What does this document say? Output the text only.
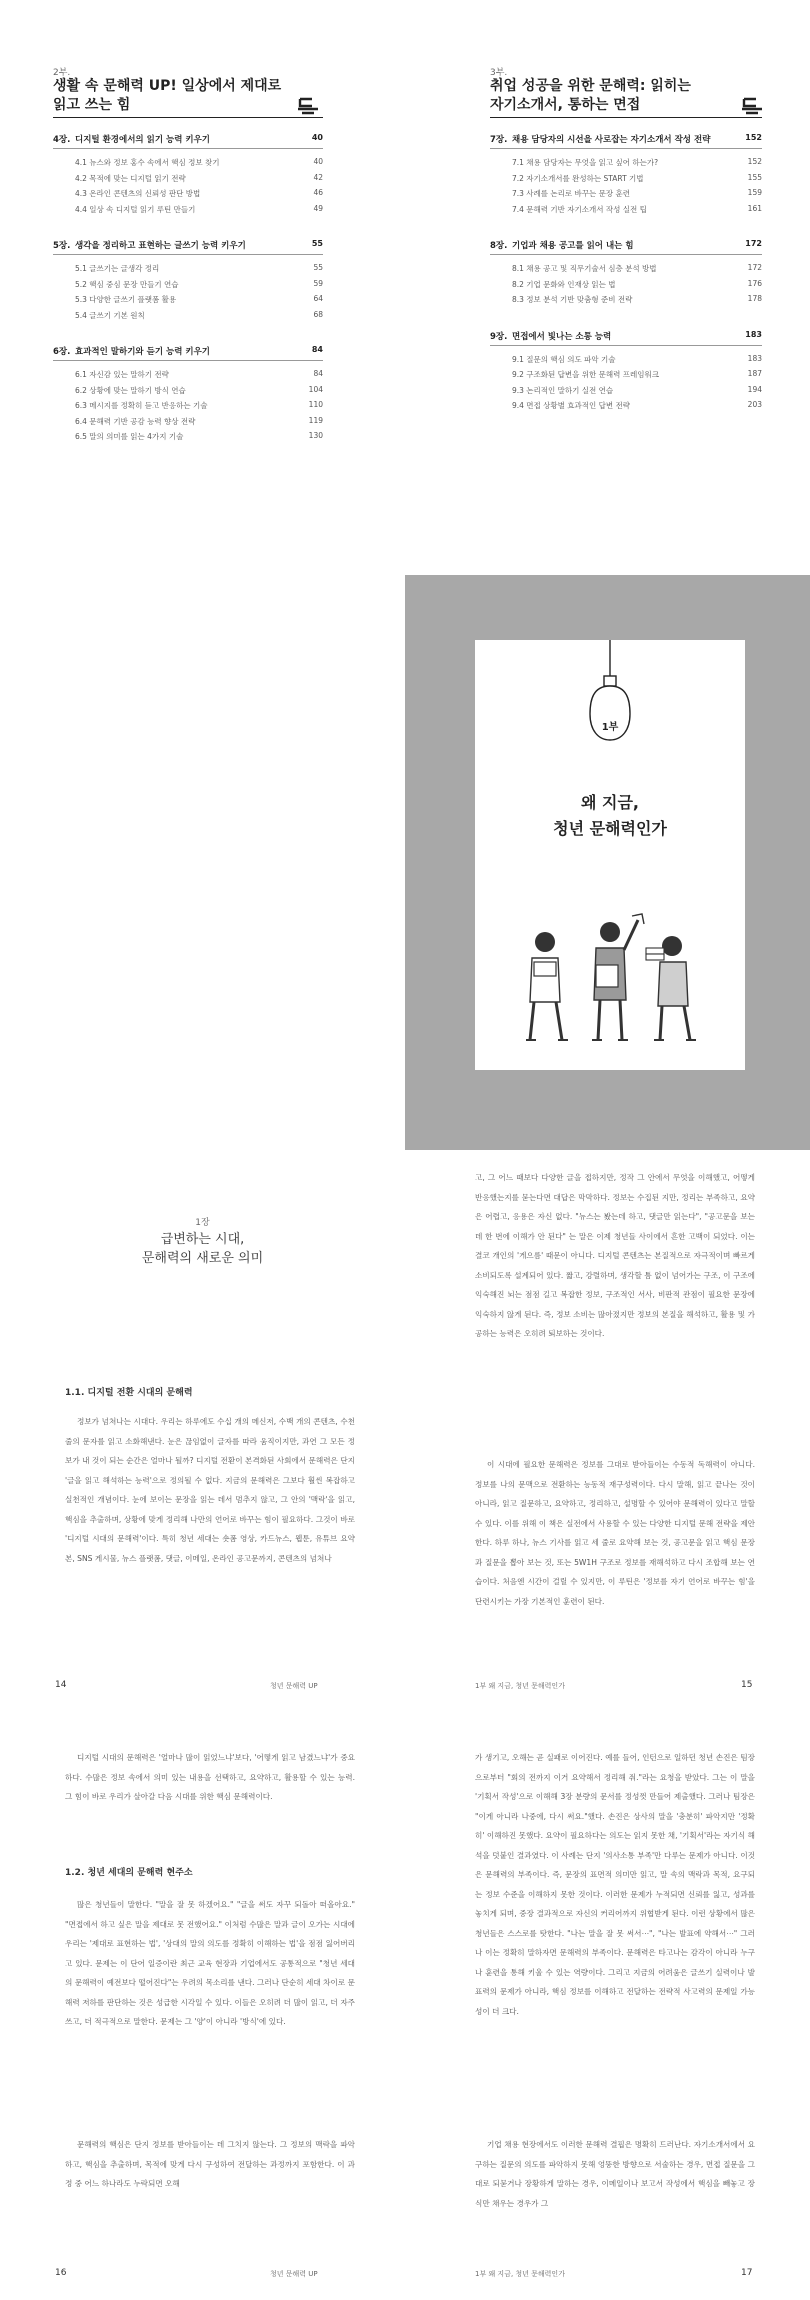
2부.
생활 속 문해력 UP! 일상에서 제대로
읽고 쓰는 힘
4장. 디지털 환경에서의 읽기 능력 키우기	40
4.1 뉴스와 정보 홍수 속에서 핵심 정보 찾기	40
4.2 목적에 맞는 디지털 읽기 전략	42
4.3 온라인 콘텐츠의 신뢰성 판단 방법	46
4.4 일상 속 디지털 읽기 루틴 만들기	49
5장. 생각을 정리하고 표현하는 글쓰기 능력 키우기	55
5.1 글쓰기는 글생각 정리	55
5.2 핵심 중심 문장 만들기 연습	59
5.3 다양한 글쓰기 플랫폼 활용	64
5.4 글쓰기 기본 원칙	68
6장. 효과적인 말하기와 듣기 능력 키우기	84
6.1 자신감 있는 말하기 전략	84
6.2 상황에 맞는 말하기 방식 연습	104
6.3 메시지를 정확히 듣고 반응하는 기술	110
6.4 문해력 기반 공감 능력 향상 전략	119
6.5 말의 의미를 읽는 4가지 기술	130
3부.
취업 성공을 위한 문해력: 읽히는
자기소개서, 통하는 면접
7장. 채용 담당자의 시선을 사로잡는 자기소개서 작성 전략	152
7.1 채용 담당자는 무엇을 읽고 싶어 하는가?	152
7.2 자기소개서를 완성하는 START 기법	155
7.3 사례를 논리로 바꾸는 문장 훈련	159
7.4 문해력 기반 자기소개서 작성 실전 팁	161
8장. 기업과 채용 공고를 읽어 내는 힘	172
8.1 채용 공고 및 직무기술서 심층 분석 방법	172
8.2 기업 문화와 인재상 읽는 법	176
8.3 정보 분석 기반 맞춤형 준비 전략	178
9장. 면접에서 빛나는 소통 능력	183
9.1 질문의 핵심 의도 파악 기술	183
9.2 구조화된 답변을 위한 문해력 프레임워크	187
9.3 논리적인 말하기 실전 연습	194
9.4 면접 상황별 효과적인 답변 전략	203
1부
왜 지금,
청년 문해력인가
1장
급변하는 시대,
문해력의 새로운 의미
1.1. 디지털 전환 시대의 문해력
정보가 넘쳐나는 시대다. 우리는 하루에도 수십 개의 메신저, 수백 개의 콘텐츠, 수천 줄의 문자를 읽고 소화해낸다. 눈은 끊임없이 글자를 따라 움직이지만, 과연 그 모든 정보가 내 것이 되는 순간은 얼마나 될까? 디지털 전환이 본격화된 사회에서 문해력은 단지 '글을 읽고 해석하는 능력'으로 정의될 수 없다. 지금의 문해력은 그보다 훨씬 복잡하고 실천적인 개념이다. 눈에 보이는 문장을 읽는 데서 멈추지 않고, 그 안의 '맥락'을 읽고, 핵심을 추출하며, 상황에 맞게 정리해 나만의 언어로 바꾸는 힘이 필요하다. 그것이 바로 '디지털 시대의 문해력'이다. 특히 청년 세대는 숏폼 영상, 카드뉴스, 웹툰, 유튜브 요약본, SNS 게시물, 뉴스 플랫폼, 댓글, 이메일, 온라인 공고문까지, 콘텐츠의 넘쳐나
14	청년 문해력 UP
고, 그 어느 때보다 다양한 글을 접하지만, 정작 그 안에서 무엇을 이해했고, 어떻게 반응했는지를 묻는다면 대답은 막막하다. 정보는 수집된 지만, 정리는 부족하고, 요약은 어렵고, 응용은 자신 없다. "뉴스는 봤는데 하고, 댓글만 읽는다", "공고문을 보는데 한 번에 이해가 안 된다" 는 말은 이제 청년들 사이에서 흔한 고백이 되었다. 이는 결코 개인의 '게으름' 때문이 아니다. 디지털 콘텐츠는 본질적으로 자극적이며 빠르게 소비되도록 설계되어 있다. 짧고, 강렬하며, 생각할 틈 없이 넘어가는 구조, 이 구조에 익숙해진 뇌는 점점 길고 복잡한 정보, 구조적인 서사, 비판적 관점이 필요한 문장에 익숙하지 않게 된다. 즉, 정보 소비는 많아졌지만 정보의 본질을 해석하고, 활용 및 가공하는 능력은 오히려 퇴보하는 것이다.
이 시대에 필요한 문해력은 정보를 그대로 받아들이는 수동적 독해력이 아니다. 정보를 나의 문맥으로 전환하는 능동적 재구성력이다. 다시 말해, 읽고 끝나는 것이 아니라, 읽고 질문하고, 요약하고, 정리하고, 설명할 수 있어야 문해력이 있다고 말할 수 있다. 이를 위해 이 책은 실전에서 사용할 수 있는 다양한 디지털 문해 전략을 제안한다. 하루 하나, 뉴스 기사를 읽고 세 줄로 요약해 보는 것, 공고문을 읽고 핵심 문장과 질문을 뽑아 보는 것, 또는 5W1H 구조로 정보를 재해석하고 다시 조합해 보는 연습이다. 처음엔 시간이 걸릴 수 있지만, 이 루틴은 '정보를 자기 언어로 바꾸는 힘'을 단련시키는 가장 기본적인 훈련이 된다.
1부 왜 지금, 청년 문해력인가	15
디지털 시대의 문해력은 '얼마나 많이 읽었느냐'보다, '어떻게 읽고 남겼느냐'가 중요하다. 수많은 정보 속에서 의미 있는 내용을 선택하고, 요약하고, 활용할 수 있는 능력. 그 힘이 바로 우리가 살아갈 다음 시대를 위한 핵심 문해력이다.
1.2. 청년 세대의 문해력 현주소
많은 청년들이 말한다. "말을 잘 못 하겠어요." "글을 써도 자꾸 되돌아 떠올아요." "면접에서 하고 싶은 말을 제대로 못 전했어요." 이처럼 수많은 말과 글이 오가는 시대에 우리는 '제대로 표현하는 법', '상대의 말의 의도를 정확히 이해하는 법'을 점점 잃어버리고 있다. 문제는 이 단어 일증이란 최근 교육 현장과 기업에서도 공통적으로 "청년 세대의 문해력이 예전보다 떨어진다"는 우려의 목소리를 낸다. 그러나 단순히 세대 차이로 문해력 저하를 판단하는 것은 성급한 시각일 수 있다. 이들은 오히려 더 많이 읽고, 더 자주 쓰고, 더 적극적으로 말한다. 문제는 그 '양'이 아니라 '방식'에 있다.
문해력의 핵심은 단지 정보를 받아들이는 데 그치지 않는다. 그 정보의 맥락을 파악하고, 핵심을 추출하며, 목적에 맞게 다시 구성하여 전달하는 과정까지 포함한다. 이 과정 중 어느 하나라도 누락되면 오해
16	청년 문해력 UP
가 생기고, 오해는 곧 실패로 이어진다. 예를 들어, 인턴으로 일하던 청년 손진은 팀장으로부터 "회의 전까지 이거 요약해서 정리해 줘."라는 요청을 받았다. 그는 이 말을 '기획서 작성'으로 이해해 3장 분량의 문서를 정성껏 만들어 제출했다. 그러나 팀장은 "이게 아니라 나중에, 다시 써요."했다. 손진은 상사의 말을 '충분히' 파악지만 '정확히' 이해하진 못했다. 요약이 필요하다는 의도는 읽지 못한 채, '기획서'라는 자기식 해석을 덧붙인 결과였다. 이 사례는 단지 '의사소통 부족'만 다루는 문제가 아니다. 이것은 문해력의 부족이다. 즉, 문장의 표면적 의미만 읽고, 말 속의 맥락과 목적, 요구되는 정보 수준을 이해하지 못한 것이다. 이러한 문제가 누적되면 신뢰를 잃고, 성과를 놓치게 되며, 중장 결과적으로 자신의 커리어까지 위협받게 된다. 이런 상황에서 많은 청년들은 스스로를 탓한다. "나는 말을 잘 못 써서⋯", "나는 발표에 약해서⋯" 그러나 이는 정확히 말하자면 문해력의 부족이다. 문해력은 타고나는 감각이 아니라 누구나 훈련을 통해 키울 수 있는 역량이다. 그리고 지금의 어려움은 글쓰기 실력이나 발표력의 문제가 아니라, 핵심 정보를 이해하고 전달하는 전략적 사고력의 문제일 가능성이 더 크다.
기업 채용 현장에서도 이러한 문해력 결핍은 명확히 드러난다. 자기소개서에서 요구하는 질문의 의도를 파악하지 못해 엉뚱한 방향으로 서술하는 경우, 면접 질문을 그대로 되묻거나 장황하게 말하는 경우, 이메일이나 보고서 작성에서 핵심을 빼놓고 장식만 채우는 경우가 그
1부 왜 지금, 청년 문해력인가	17
